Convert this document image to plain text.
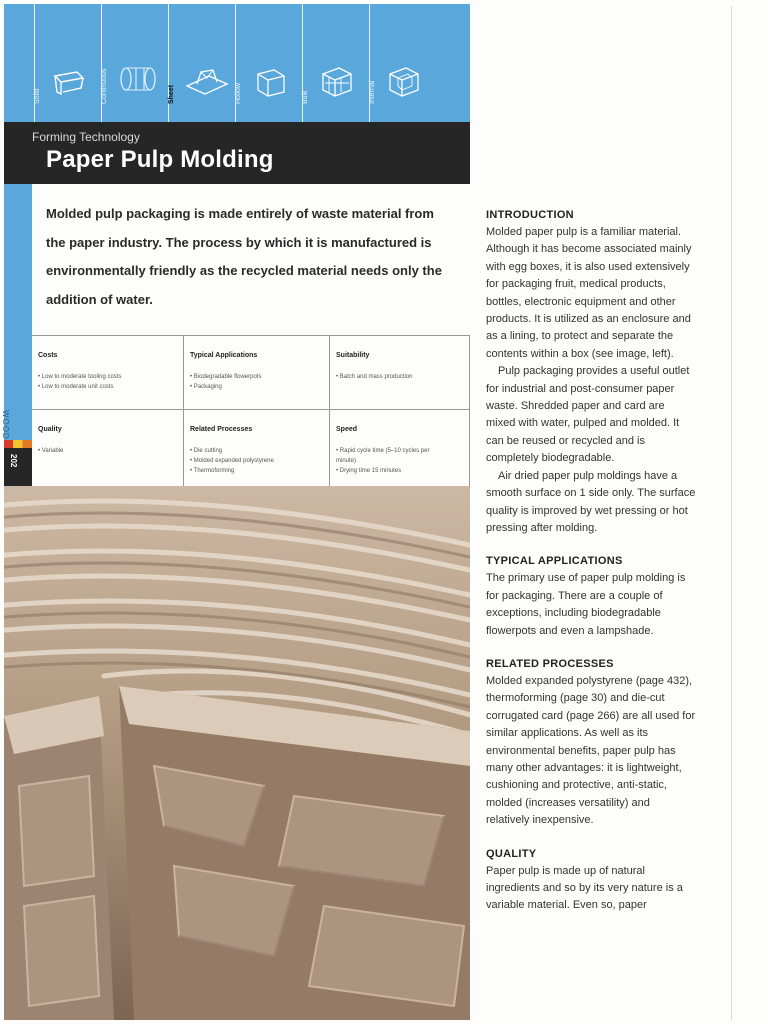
Solid	Continuous	Sheet	Hollow	Bulk	Internal
Forming Technology
Paper Pulp Molding
WOOD
202
Molded pulp packaging is made entirely of waste material from the paper industry. The process by which it is manufactured is environmentally friendly as the recycled material needs only the addition of water.
Costs
• Low to moderate tooling costs
• Low to moderate unit costs
Typical Applications
• Biodegradable flowerpots
• Packaging
Suitability
• Batch and mass production
Quality
• Variable
Related Processes
• Die cutting
• Molded expanded polystyrene
• Thermoforming
Speed
• Rapid cycle time (5–10 cycles per
minute)
• Drying time 15 minutes
INTRODUCTION

Molded paper pulp is a familiar material. Although it has become associated mainly with egg boxes, it is also used extensively for packaging fruit, medical products, bottles, electronic equipment and other products. It is utilized as an enclosure and as a lining, to protect and separate the contents within a box (see image, left).

Pulp packaging provides a useful outlet for industrial and post-consumer paper waste. Shredded paper and card are mixed with water, pulped and molded. It can be reused or recycled and is completely biodegradable.

Air dried paper pulp moldings have a smooth surface on 1 side only. The surface quality is improved by wet pressing or hot pressing after molding.

TYPICAL APPLICATIONS

The primary use of paper pulp molding is for packaging. There are a couple of exceptions, including biodegradable flowerpots and even a lampshade.

RELATED PROCESSES

Molded expanded polystyrene (page 432), thermoforming (page 30) and die-cut corrugated card (page 266) are all used for similar applications. As well as its environmental benefits, paper pulp has many other advantages: it is lightweight, cushioning and protective, anti-static, molded (increases versatility) and relatively inexpensive.

QUALITY

Paper pulp is made up of natural ingredients and so by its very nature is a variable material. Even so, paper
